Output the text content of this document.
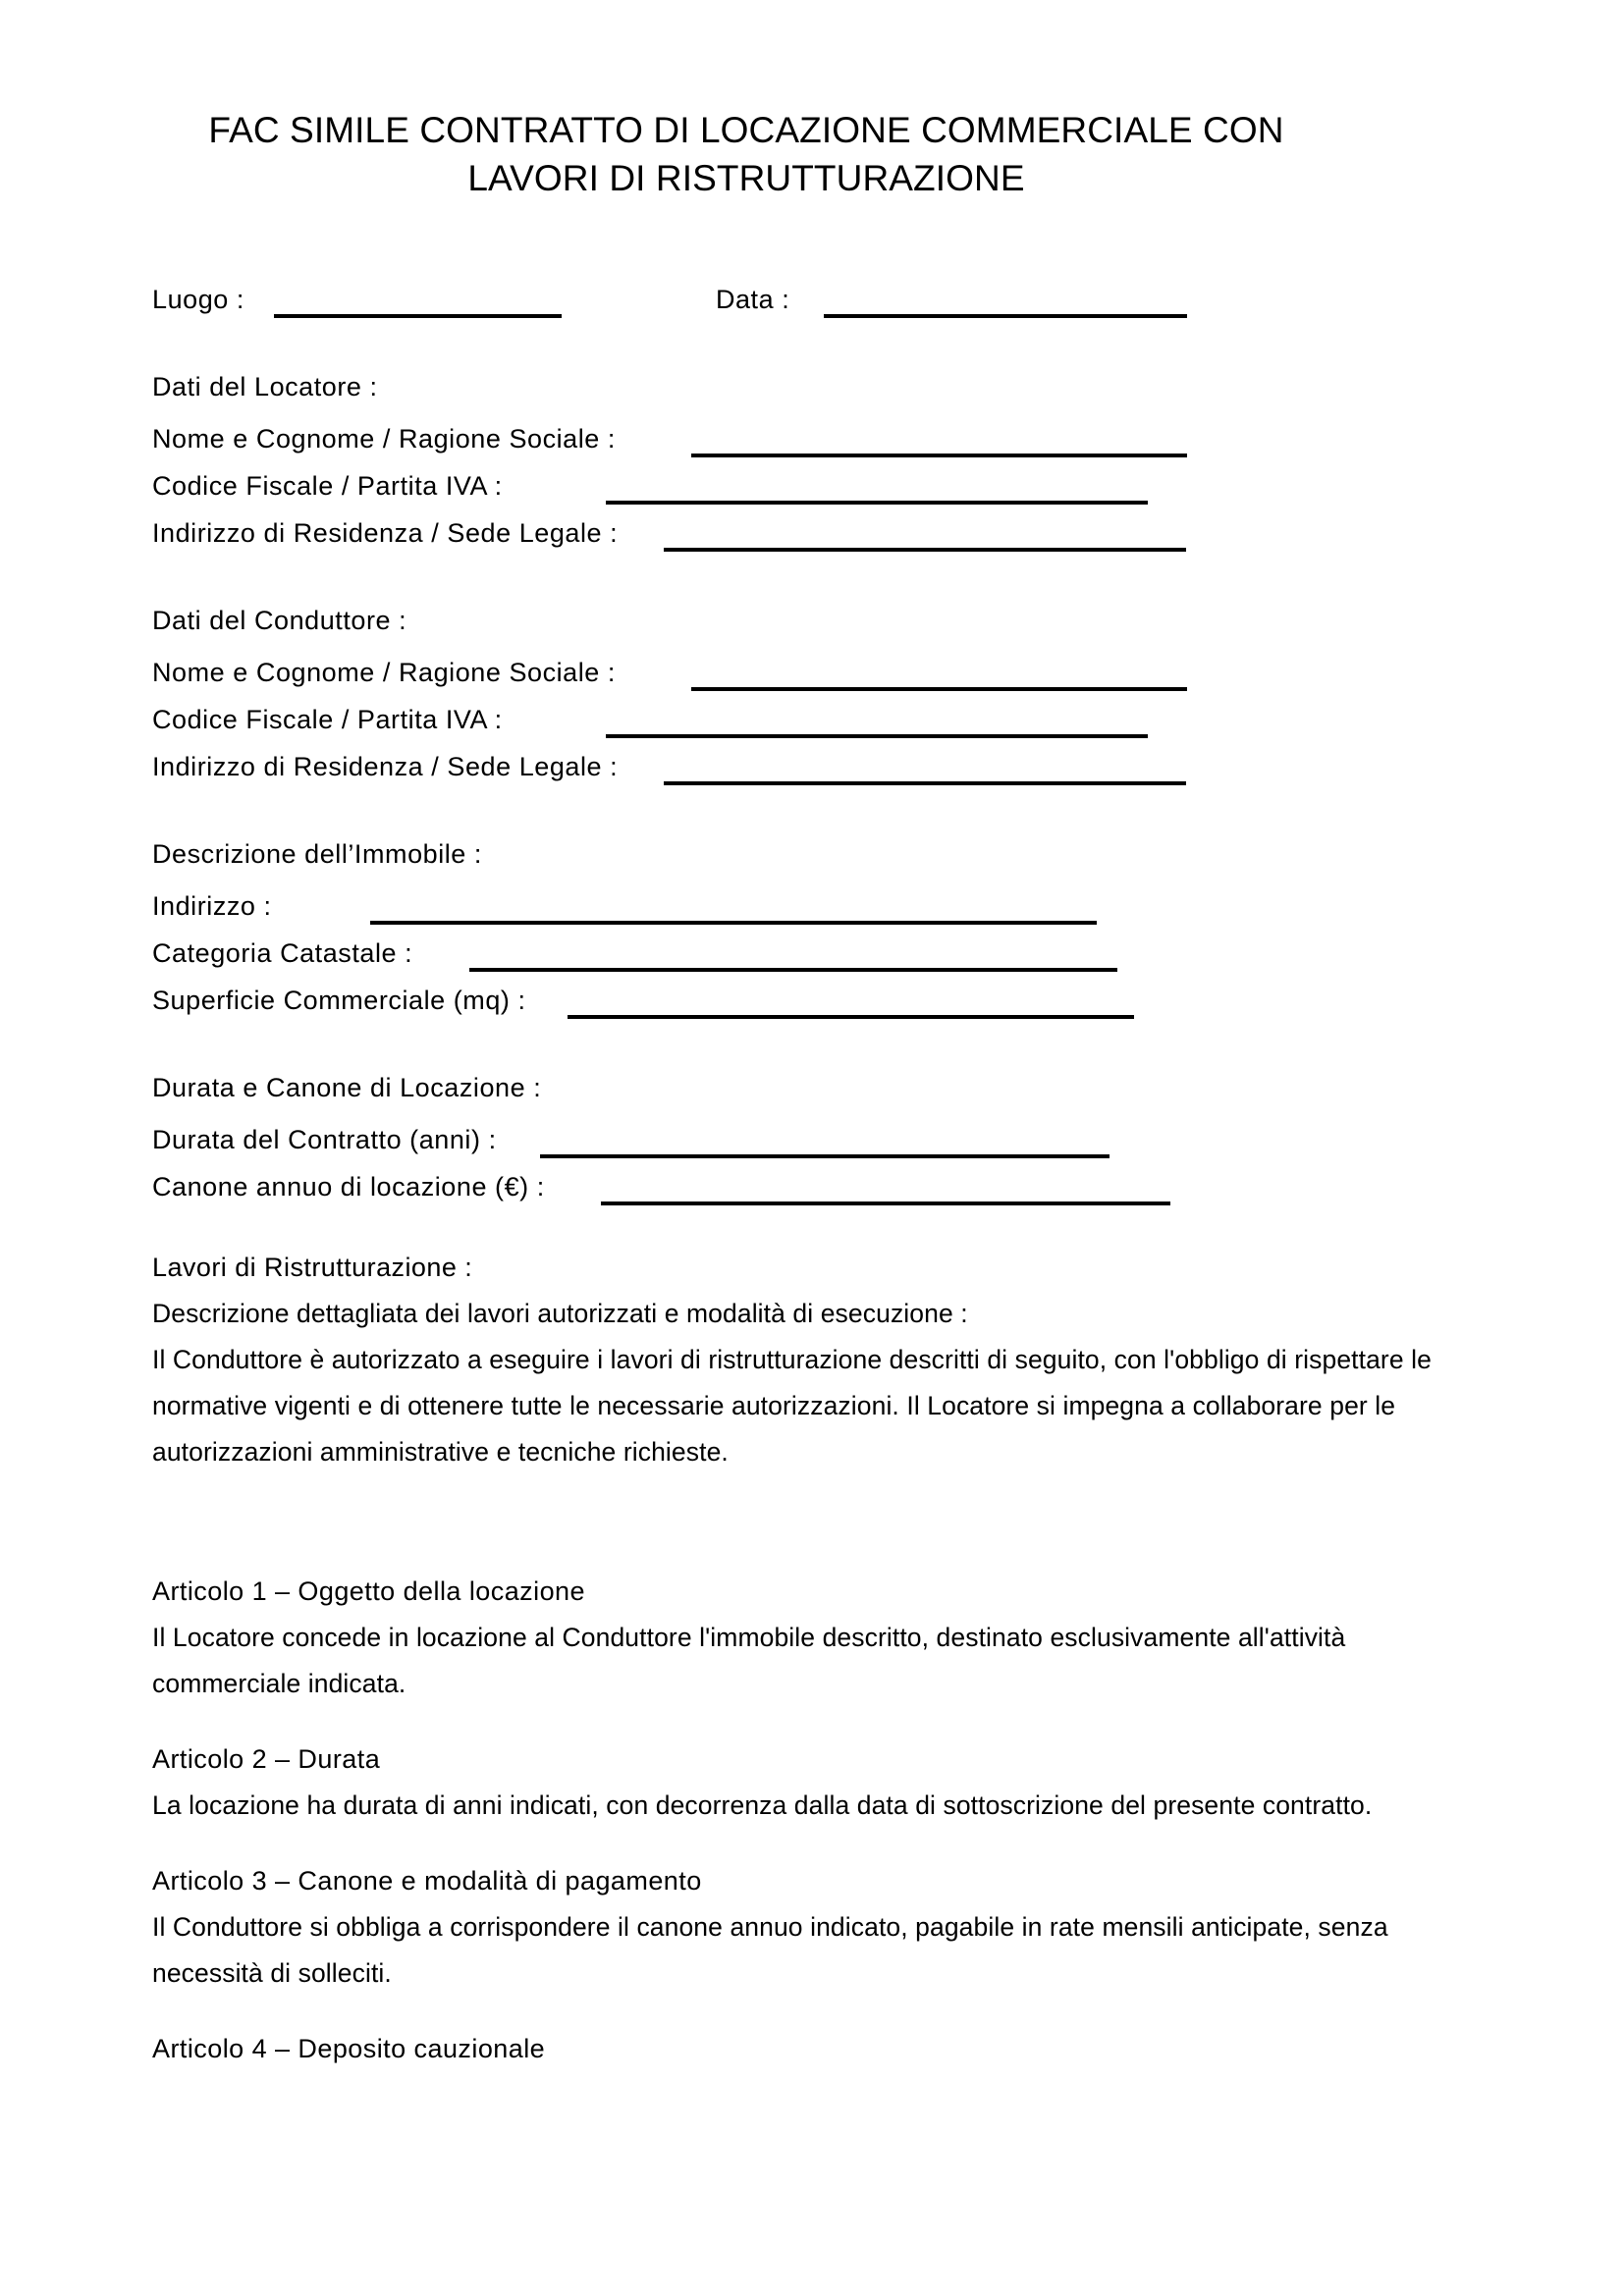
FAC SIMILE CONTRATTO DI LOCAZIONE COMMERCIALE CON LAVORI DI RISTRUTTURAZIONE
Luogo :	Data :
Dati del Locatore :
Nome e Cognome / Ragione Sociale :
Codice Fiscale / Partita IVA :
Indirizzo di Residenza / Sede Legale :
Dati del Conduttore :
Nome e Cognome / Ragione Sociale :
Codice Fiscale / Partita IVA :
Indirizzo di Residenza / Sede Legale :
Descrizione dell’Immobile :
Indirizzo :
Categoria Catastale :
Superficie Commerciale (mq) :
Durata e Canone di Locazione :
Durata del Contratto (anni) :
Canone annuo di locazione (€) :
Lavori di Ristrutturazione :

Descrizione dettagliata dei lavori autorizzati e modalità di esecuzione :

Il Conduttore è autorizzato a eseguire i lavori di ristrutturazione descritti di seguito, con l'obbligo di rispettare le normative vigenti e di ottenere tutte le necessarie autorizzazioni. Il Locatore si impegna a collaborare per le autorizzazioni amministrative e tecniche richieste.

Articolo 1 – Oggetto della locazione

Il Locatore concede in locazione al Conduttore l'immobile descritto, destinato esclusivamente all'attività commerciale indicata.

Articolo 2 – Durata

La locazione ha durata di anni indicati, con decorrenza dalla data di sottoscrizione del presente contratto.

Articolo 3 – Canone e modalità di pagamento

Il Conduttore si obbliga a corrispondere il canone annuo indicato, pagabile in rate mensili anticipate, senza necessità di solleciti.

Articolo 4 – Deposito cauzionale
